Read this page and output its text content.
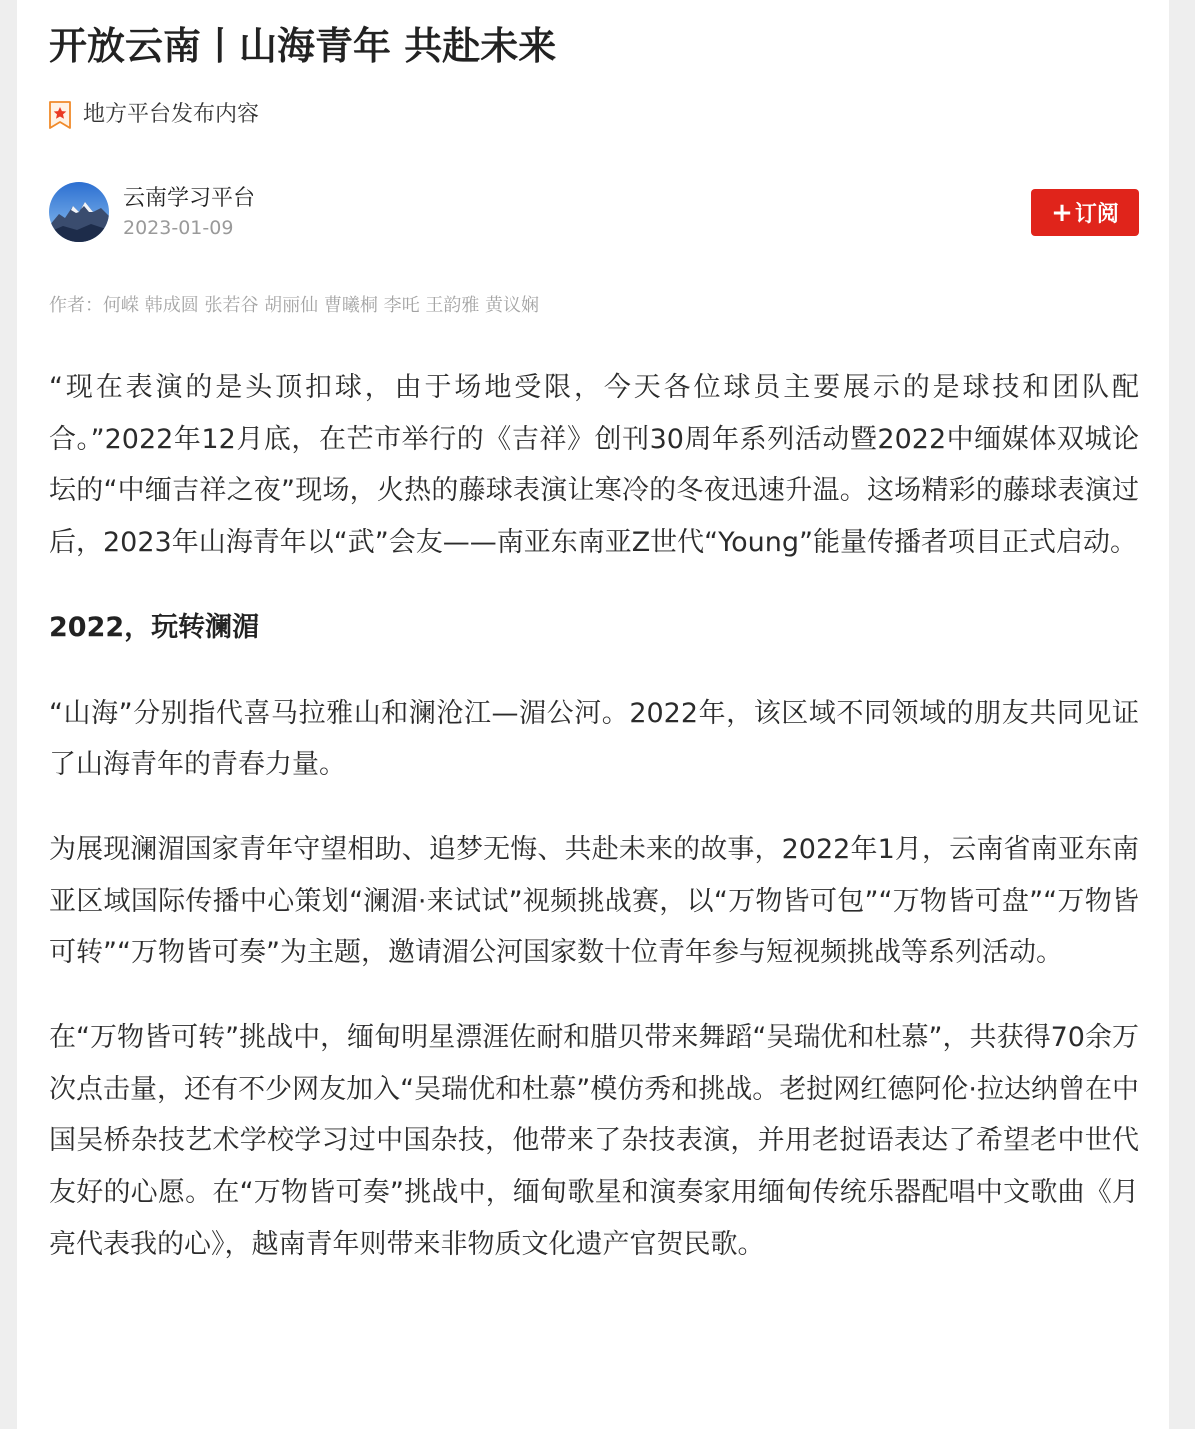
开放云南丨山海青年 共赴未来
地方平台发布内容
云南学习平台
2023-01-09
+ 订阅
作者：何嵘 韩成圆 张若谷 胡丽仙 曹曦桐 李吒 王韵雅 黄议娴

“现在表演的是头顶扣球，由于场地受限，今天各位球员主要展示的是球技和团队配合。”2022年12月底，在芒市举行的《吉祥》创刊30周年系列活动暨2022中缅媒体双城论坛的“中缅吉祥之夜”现场，火热的藤球表演让寒冷的冬夜迅速升温。这场精彩的藤球表演过后，2023年山海青年以“武”会友——南亚东南亚Z世代“Young”能量传播者项目正式启动。

2022，玩转澜湄

“山海”分别指代喜马拉雅山和澜沧江—湄公河。2022年，该区域不同领域的朋友共同见证了山海青年的青春力量。

为展现澜湄国家青年守望相助、追梦无悔、共赴未来的故事，2022年1月，云南省南亚东南亚区域国际传播中心策划“澜湄·来试试”视频挑战赛，以“万物皆可包”“万物皆可盘”“万物皆可转”“万物皆可奏”为主题，邀请湄公河国家数十位青年参与短视频挑战等系列活动。

在“万物皆可转”挑战中，缅甸明星漂涯佐耐和腊贝带来舞蹈“吴瑞优和杜慕”，共获得70余万次点击量，还有不少网友加入“吴瑞优和杜慕”模仿秀和挑战。老挝网红德阿伦·拉达纳曾在中国吴桥杂技艺术学校学习过中国杂技，他带来了杂技表演，并用老挝语表达了希望老中世代友好的心愿。在“万物皆可奏”挑战中，缅甸歌星和演奏家用缅甸传统乐器配唱中文歌曲《月亮代表我的心》，越南青年则带来非物质文化遗产官贺民歌。
